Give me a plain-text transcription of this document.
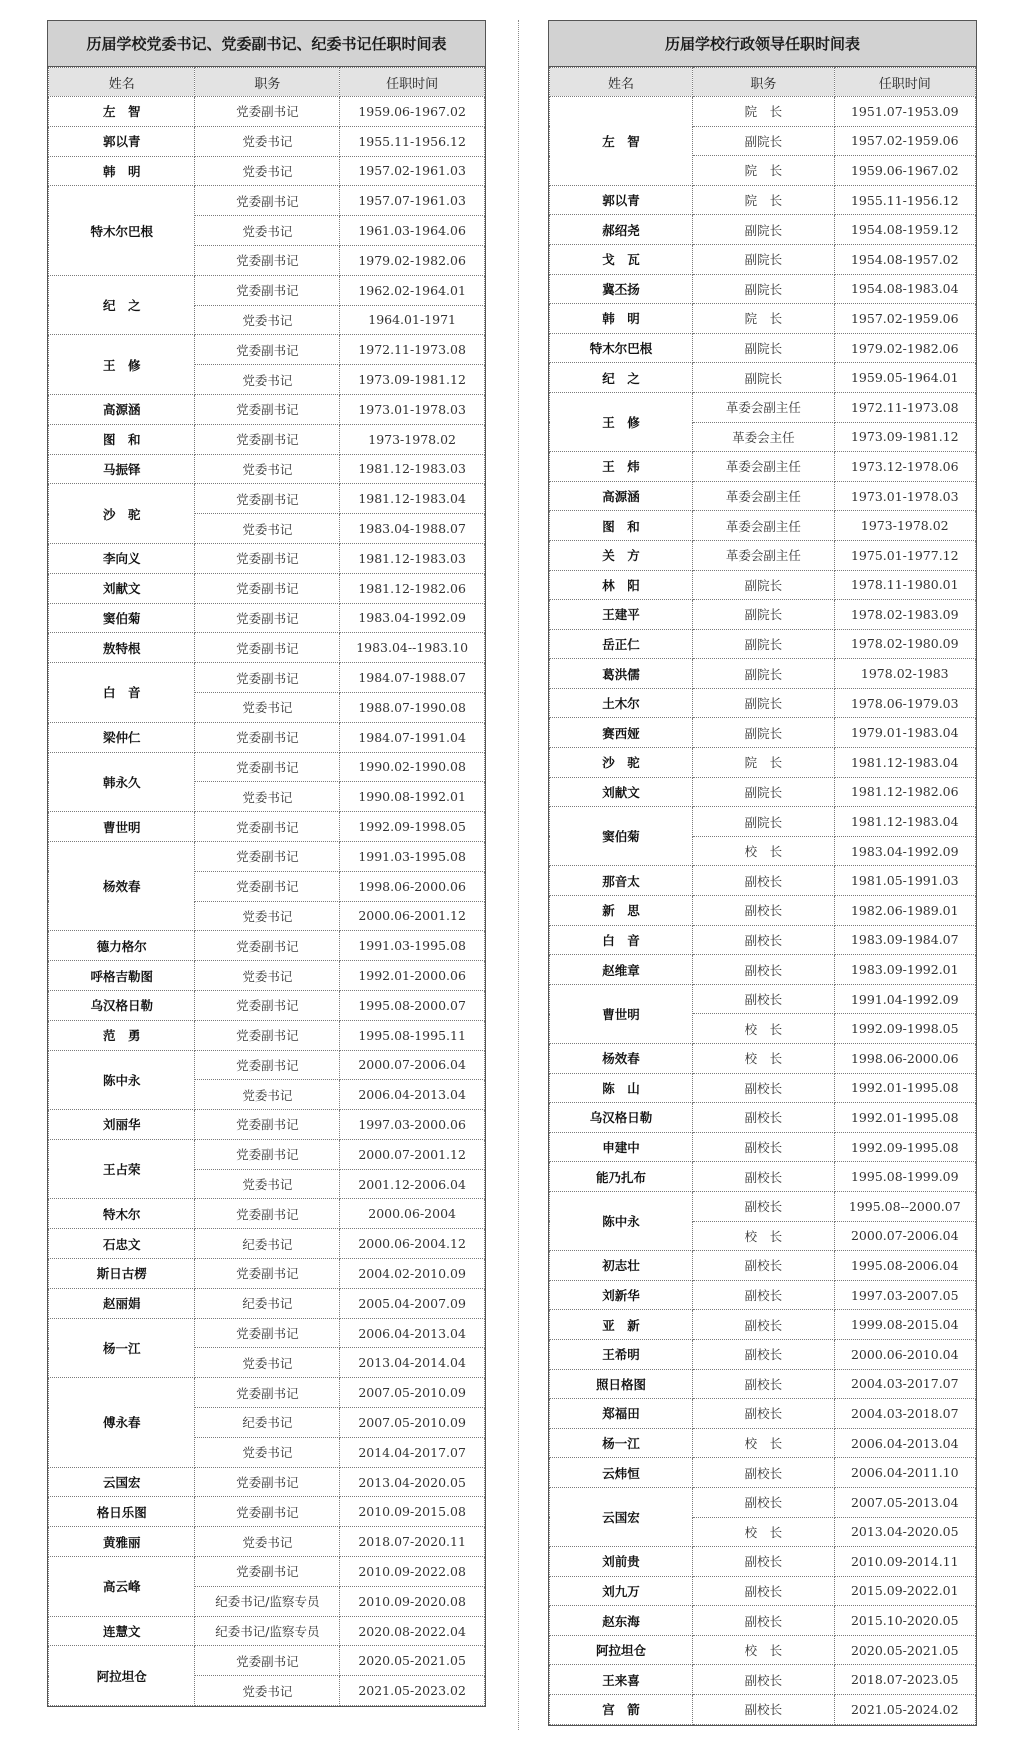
历届学校党委书记、党委副书记、纪委书记任职时间表
姓名	职务	任职时间
左　智	党委副书记	1959.06-1967.02
郭以青	党委书记	1955.11-1956.12
韩　明	党委书记	1957.02-1961.03
特木尔巴根	党委副书记	1957.07-1961.03
	党委书记	1961.03-1964.06
	党委副书记	1979.02-1982.06
纪　之	党委副书记	1962.02-1964.01
	党委书记	1964.01-1971
王　修	党委副书记	1972.11-1973.08
	党委书记	1973.09-1981.12
高源涵	党委副书记	1973.01-1978.03
图　和	党委副书记	1973-1978.02
马振铎	党委书记	1981.12-1983.03
沙　驼	党委副书记	1981.12-1983.04
	党委书记	1983.04-1988.07
李向义	党委副书记	1981.12-1983.03
刘献文	党委副书记	1981.12-1982.06
窦伯菊	党委副书记	1983.04-1992.09
敖特根	党委副书记	1983.04--1983.10
白　音	党委副书记	1984.07-1988.07
	党委书记	1988.07-1990.08
梁仲仁	党委副书记	1984.07-1991.04
韩永久	党委副书记	1990.02-1990.08
	党委书记	1990.08-1992.01
曹世明	党委副书记	1992.09-1998.05
杨效春	党委副书记	1991.03-1995.08
	党委副书记	1998.06-2000.06
	党委书记	2000.06-2001.12
德力格尔	党委副书记	1991.03-1995.08
呼格吉勒图	党委书记	1992.01-2000.06
乌汉格日勒	党委副书记	1995.08-2000.07
范　勇	党委副书记	1995.08-1995.11
陈中永	党委副书记	2000.07-2006.04
	党委书记	2006.04-2013.04
刘丽华	党委副书记	1997.03-2000.06
王占荣	党委副书记	2000.07-2001.12
	党委书记	2001.12-2006.04
特木尔	党委副书记	2000.06-2004
石忠文	纪委书记	2000.06-2004.12
斯日古楞	党委副书记	2004.02-2010.09
赵丽娟	纪委书记	2005.04-2007.09
杨一江	党委副书记	2006.04-2013.04
	党委书记	2013.04-2014.04
傅永春	党委副书记	2007.05-2010.09
	纪委书记	2007.05-2010.09
	党委书记	2014.04-2017.07
云国宏	党委副书记	2013.04-2020.05
格日乐图	党委副书记	2010.09-2015.08
黄雅丽	党委书记	2018.07-2020.11
高云峰	党委副书记	2010.09-2022.08
	纪委书记/监察专员	2010.09-2020.08
连慧文	纪委书记/监察专员	2020.08-2022.04
阿拉坦仓	党委副书记	2020.05-2021.05
	党委书记	2021.05-2023.02
历届学校行政领导任职时间表
姓名	职务	任职时间
左　智	院　长	1951.07-1953.09
	副院长	1957.02-1959.06
	院　长	1959.06-1967.02
郭以青	院　长	1955.11-1956.12
郝绍尧	副院长	1954.08-1959.12
戈　瓦	副院长	1954.08-1957.02
冀丕扬	副院长	1954.08-1983.04
韩　明	院　长	1957.02-1959.06
特木尔巴根	副院长	1979.02-1982.06
纪　之	副院长	1959.05-1964.01
王　修	革委会副主任	1972.11-1973.08
	革委会主任	1973.09-1981.12
王　炜	革委会副主任	1973.12-1978.06
高源涵	革委会副主任	1973.01-1978.03
图　和	革委会副主任	1973-1978.02
关　方	革委会副主任	1975.01-1977.12
林　阳	副院长	1978.11-1980.01
王建平	副院长	1978.02-1983.09
岳正仁	副院长	1978.02-1980.09
葛洪儒	副院长	1978.02-1983
土木尔	副院长	1978.06-1979.03
赛西娅	副院长	1979.01-1983.04
沙　驼	院　长	1981.12-1983.04
刘献文	副院长	1981.12-1982.06
窦伯菊	副院长	1981.12-1983.04
	校　长	1983.04-1992.09
那音太	副校长	1981.05-1991.03
新　思	副校长	1982.06-1989.01
白　音	副校长	1983.09-1984.07
赵维章	副校长	1983.09-1992.01
曹世明	副校长	1991.04-1992.09
	校　长	1992.09-1998.05
杨效春	校　长	1998.06-2000.06
陈　山	副校长	1992.01-1995.08
乌汉格日勒	副校长	1992.01-1995.08
申建中	副校长	1992.09-1995.08
能乃扎布	副校长	1995.08-1999.09
陈中永	副校长	1995.08--2000.07
	校　长	2000.07-2006.04
初志壮	副校长	1995.08-2006.04
刘新华	副校长	1997.03-2007.05
亚　新	副校长	1999.08-2015.04
王希明	副校长	2000.06-2010.04
照日格图	副校长	2004.03-2017.07
郑福田	副校长	2004.03-2018.07
杨一江	校　长	2006.04-2013.04
云炜恒	副校长	2006.04-2011.10
云国宏	副校长	2007.05-2013.04
	校　长	2013.04-2020.05
刘前贵	副校长	2010.09-2014.11
刘九万	副校长	2015.09-2022.01
赵东海	副校长	2015.10-2020.05
阿拉坦仓	校　长	2020.05-2021.05
王来喜	副校长	2018.07-2023.05
宫　箭	副校长	2021.05-2024.02
